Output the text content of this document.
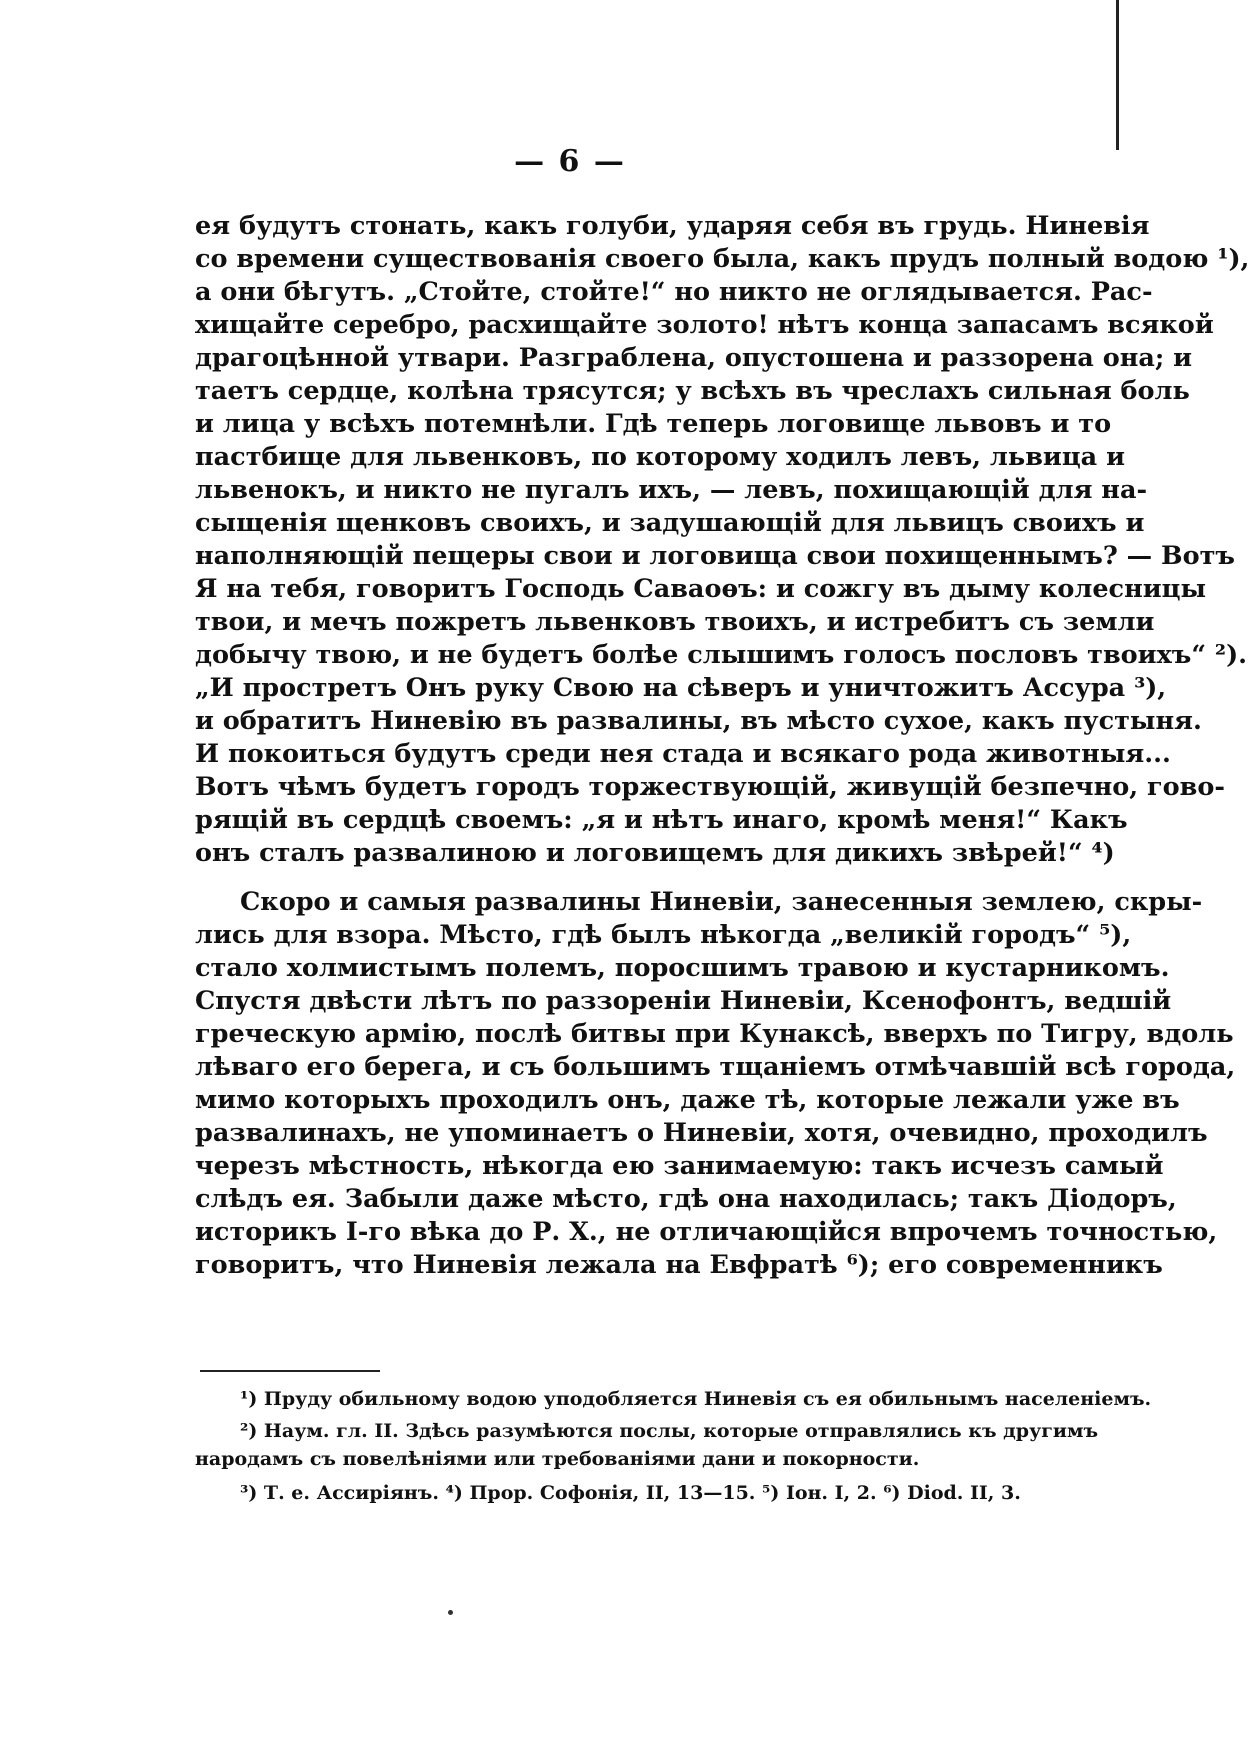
— 6 —
ея будутъ стонать, какъ голуби, ударяя себя въ грудь. Ниневія
со времени существованія своего была, какъ прудъ полный водою ¹),
а они бѣгутъ. „Стойте, стойте!“ но никто не оглядывается. Рас-
хищайте серебро, расхищайте золото! нѣтъ конца запасамъ всякой
драгоцѣнной утвари. Разграблена, опустошена и раззорена она; и
таетъ сердце, колѣна трясутся; у всѣхъ въ чреслахъ сильная боль
и лица у всѣхъ потемнѣли. Гдѣ теперь логовище львовъ и то
пастбище для львенковъ, по которому ходилъ левъ, львица и
львенокъ, и никто не пугалъ ихъ, — левъ, похищающій для на-
сыщенія щенковъ своихъ, и задушающій для львицъ своихъ и
наполняющій пещеры свои и логовища свои похищеннымъ? — Вотъ
Я на тебя, говоритъ Господь Саваоѳъ: и сожгу въ дыму колесницы
твои, и мечъ пожретъ львенковъ твоихъ, и истребитъ съ земли
добычу твою, и не будетъ болѣе слышимъ голосъ пословъ твоихъ“ ²).
„И простретъ Онъ руку Свою на сѣверъ и уничтожитъ Ассура ³),
и обратитъ Ниневію въ развалины, въ мѣсто сухое, какъ пустыня.
И покоиться будутъ среди нея стада и всякаго рода животныя...
Вотъ чѣмъ будетъ городъ торжествующій, живущій безпечно, гово-
рящій въ сердцѣ своемъ: „я и нѣтъ инаго, кромѣ меня!“ Какъ
онъ сталъ развалиною и логовищемъ для дикихъ звѣрей!“ ⁴)
Скоро и самыя развалины Ниневіи, занесенныя землею, скры-
лись для взора. Мѣсто, гдѣ былъ нѣкогда „великій городъ“ ⁵),
стало холмистымъ полемъ, поросшимъ травою и кустарникомъ.
Спустя двѣсти лѣтъ по раззореніи Ниневіи, Ксенофонтъ, ведшій
греческую армію, послѣ битвы при Кунаксѣ, вверхъ по Тигру, вдоль
лѣваго его берега, и съ большимъ тщаніемъ отмѣчавшій всѣ города,
мимо которыхъ проходилъ онъ, даже тѣ, которые лежали уже въ
развалинахъ, не упоминаетъ о Ниневіи, хотя, очевидно, проходилъ
черезъ мѣстность, нѣкогда ею занимаемую: такъ исчезъ самый
слѣдъ ея. Забыли даже мѣсто, гдѣ она находилась; такъ Діодоръ,
историкъ I-го вѣка до Р. Х., не отличающійся впрочемъ точностью,
говоритъ, что Ниневія лежала на Евфратѣ ⁶); его современникъ
¹) Пруду обильному водою уподобляется Ниневія съ ея обильнымъ населеніемъ.
²) Наум. гл. II. Здѣсь разумѣются послы, которые отправлялись къ другимъ
народамъ съ повелѣніями или требованіями дани и покорности.
³) Т. е. Ассиріянъ. ⁴) Прор. Софонія, II, 13—15. ⁵) Іон. I, 2. ⁶) Diod. II, 3.
